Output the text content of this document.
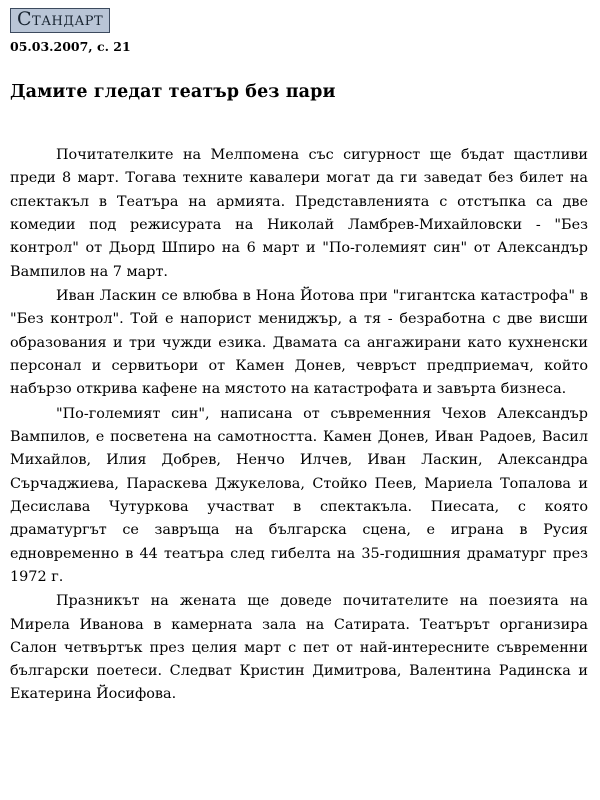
Стандарт
05.03.2007, с. 21
Дамите гледат театър без пари

Почитателките на Мелпомена със сигурност ще бъдат щастливи преди 8 март. Тогава техните кавалери могат да ги заведат без билет на спектакъл в Театъра на армията. Представленията с отстъпка са две комедии под режисурата на Николай Ламбрев-Михайловски - "Без контрол" от Дьорд Шпиро на 6 март и "По-големият син" от Александър Вампилов на 7 март.

Иван Ласкин се влюбва в Нона Йотова при "гигантска катастрофа" в "Без контрол". Той е напорист мениджър, а тя - безработна с две висши образования и три чужди езика. Двамата са ангажирани като кухненски персонал и сервитьори от Камен Донев, чевръст предприемач, който набързо открива кафене на мястото на катастрофата и завърта бизнеса.

"По-големият син", написана от съвременния Чехов Александър Вампилов, е посветена на самотността. Камен Донев, Иван Радоев, Васил Михайлов, Илия Добрев, Ненчо Илчев, Иван Ласкин, Александра Сърчаджиева, Параскева Джукелова, Стойко Пеев, Мариела Топалова и Десислава Чутуркова участват в спектакъла. Пиесата, с която драматургът се завръща на българска сцена, е играна в Русия едновременно в 44 театъра след гибелта на 35-годишния драматург през 1972 г.

Празникът на жената ще доведе почитателите на поезията на Мирела Иванова в камерната зала на Сатирата. Театърът организира Салон четвъртък през целия март с пет от най-интересните съвременни български поетеси. Следват Кристин Димитрова, Валентина Радинска и Екатерина Йосифова.
